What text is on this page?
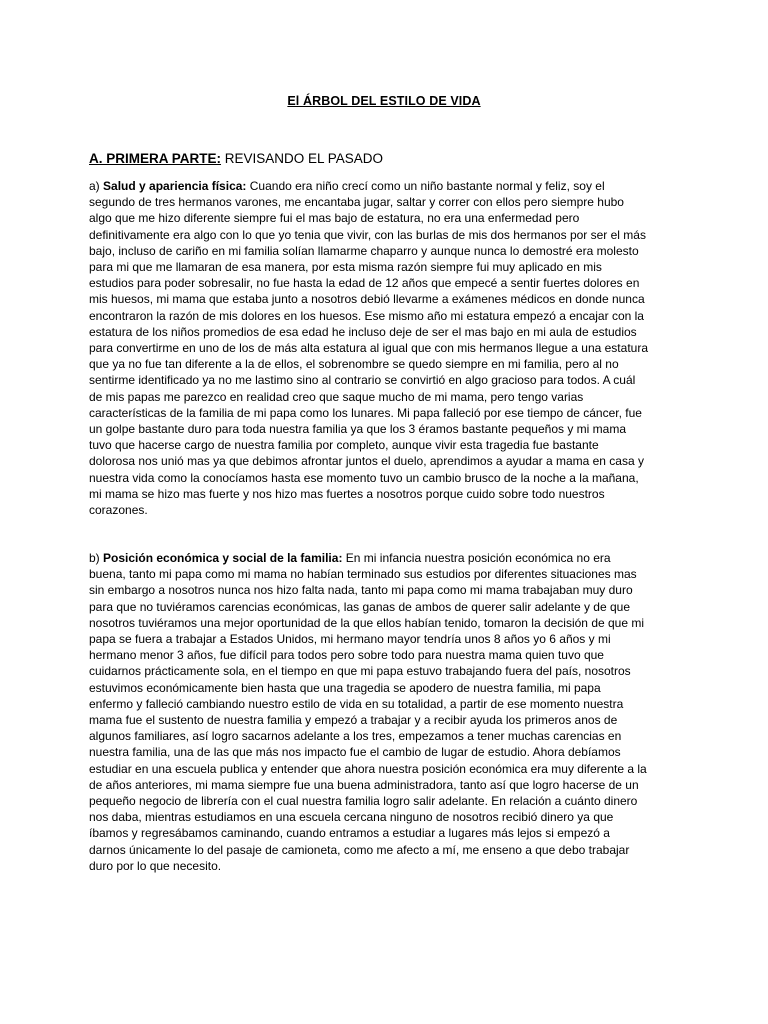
El ÁRBOL DEL ESTILO DE VIDA
A. PRIMERA PARTE: REVISANDO EL PASADO
a) Salud y apariencia física: Cuando era niño crecí como un niño bastante normal y feliz, soy el
segundo de tres hermanos varones, me encantaba jugar, saltar y correr con ellos pero siempre hubo
algo que me hizo diferente siempre fui el mas bajo de estatura, no era una enfermedad pero
definitivamente era algo con lo que yo tenia que vivir, con las burlas de mis dos hermanos por ser el más
bajo, incluso de cariño en mi familia solían llamarme chaparro y aunque nunca lo demostré era molesto
para mi que me llamaran de esa manera, por esta misma razón siempre fui muy aplicado en mis
estudios para poder sobresalir, no fue hasta la edad de 12 años que empecé a sentir fuertes dolores en
mis huesos, mi mama que estaba junto a nosotros debió llevarme a exámenes médicos en donde nunca
encontraron la razón de mis dolores en los huesos. Ese mismo año mi estatura empezó a encajar con la
estatura de los niños promedios de esa edad he incluso deje de ser el mas bajo en mi aula de estudios
para convertirme en uno de los de más alta estatura al igual que con mis hermanos llegue a una estatura
que ya no fue tan diferente a la de ellos, el sobrenombre se quedo siempre en mi familia, pero al no
sentirme identificado ya no me lastimo sino al contrario se convirtió en algo gracioso para todos. A cuál
de mis papas me parezco en realidad creo que saque mucho de mi mama, pero tengo varias
características de la familia de mi papa como los lunares. Mi papa falleció por ese tiempo de cáncer, fue
un golpe bastante duro para toda nuestra familia ya que los 3 éramos bastante pequeños y mi mama
tuvo que hacerse cargo de nuestra familia por completo, aunque vivir esta tragedia fue bastante
dolorosa nos unió mas ya que debimos afrontar juntos el duelo, aprendimos a ayudar a mama en casa y
nuestra vida como la conocíamos hasta ese momento tuvo un cambio brusco de la noche a la mañana,
mi mama se hizo mas fuerte y nos hizo mas fuertes a nosotros porque cuido sobre todo nuestros
corazones.
b) Posición económica y social de la familia: En mi infancia nuestra posición económica no era
buena, tanto mi papa como mi mama no habían terminado sus estudios por diferentes situaciones mas
sin embargo a nosotros nunca nos hizo falta nada, tanto mi papa como mi mama trabajaban muy duro
para que no tuviéramos carencias económicas, las ganas de ambos de querer salir adelante y de que
nosotros tuviéramos una mejor oportunidad de la que ellos habían tenido, tomaron la decisión de que mi
papa se fuera a trabajar a Estados Unidos, mi hermano mayor tendría unos 8 años yo 6 años y mi
hermano menor 3 años, fue difícil para todos pero sobre todo para nuestra mama quien tuvo que
cuidarnos prácticamente sola, en el tiempo en que mi papa estuvo trabajando fuera del país, nosotros
estuvimos económicamente bien hasta que una tragedia se apodero de nuestra familia, mi papa
enfermo y falleció cambiando nuestro estilo de vida en su totalidad, a partir de ese momento nuestra
mama fue el sustento de nuestra familia y empezó a trabajar y a recibir ayuda los primeros anos de
algunos familiares, así logro sacarnos adelante a los tres, empezamos a tener muchas carencias en
nuestra familia, una de las que más nos impacto fue el cambio de lugar de estudio. Ahora debíamos
estudiar en una escuela publica y entender que ahora nuestra posición económica era muy diferente a la
de años anteriores, mi mama siempre fue una buena administradora, tanto así que logro hacerse de un
pequeño negocio de librería con el cual nuestra familia logro salir adelante. En relación a cuánto dinero
nos daba, mientras estudiamos en una escuela cercana ninguno de nosotros recibió dinero ya que
íbamos y regresábamos caminando, cuando entramos a estudiar a lugares más lejos si empezó a
darnos únicamente lo del pasaje de camioneta, como me afecto a mí, me enseno a que debo trabajar
duro por lo que necesito.
